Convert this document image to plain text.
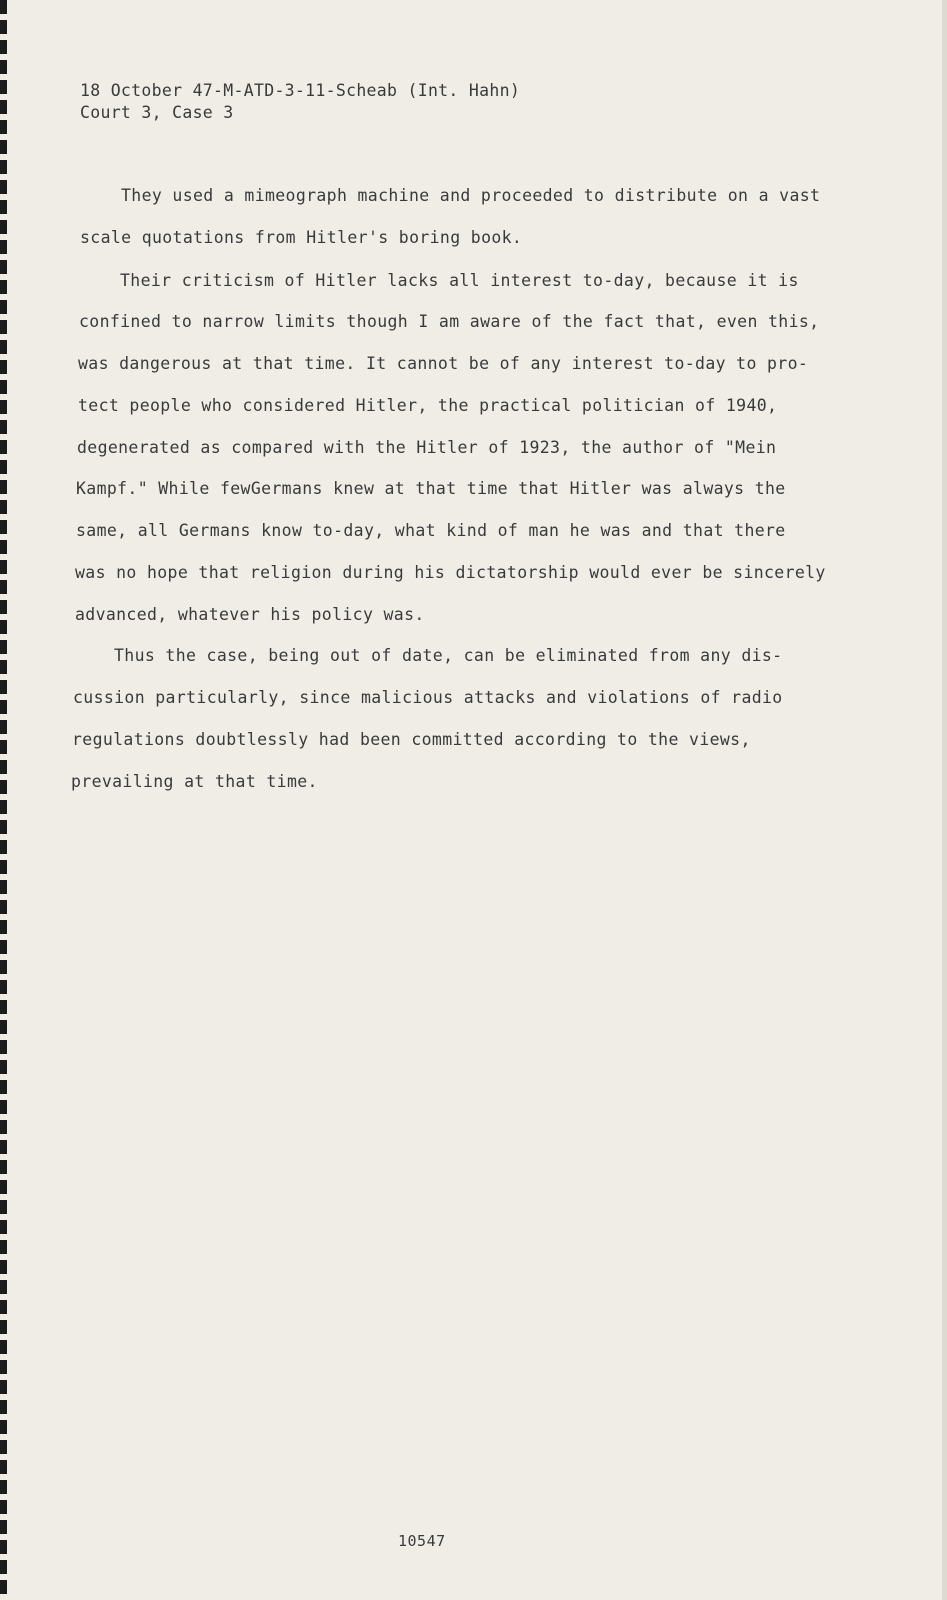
18 October 47-M-ATD-3-11-Scheab (Int. Hahn)
Court 3, Case 3
They used a mimeograph machine and proceeded to distribute on a vast
scale quotations from Hitler's boring book.
Their criticism of Hitler lacks all interest to-day, because it is
confined to narrow limits though I am aware of the fact that, even this,
was dangerous at that time. It cannot be of any interest to-day to pro-
tect people who considered Hitler, the practical politician of 1940,
degenerated as compared with the Hitler of 1923, the author of "Mein
Kampf." While fewGermans knew at that time that Hitler was always the
same, all Germans know to-day, what kind of man he was and that there
was no hope that religion during his dictatorship would ever be sincerely
advanced, whatever his policy was.
Thus the case, being out of date, can be eliminated from any dis-
cussion particularly, since malicious attacks and violations of radio
regulations doubtlessly had been committed according to the views,
prevailing at that time.
10547
